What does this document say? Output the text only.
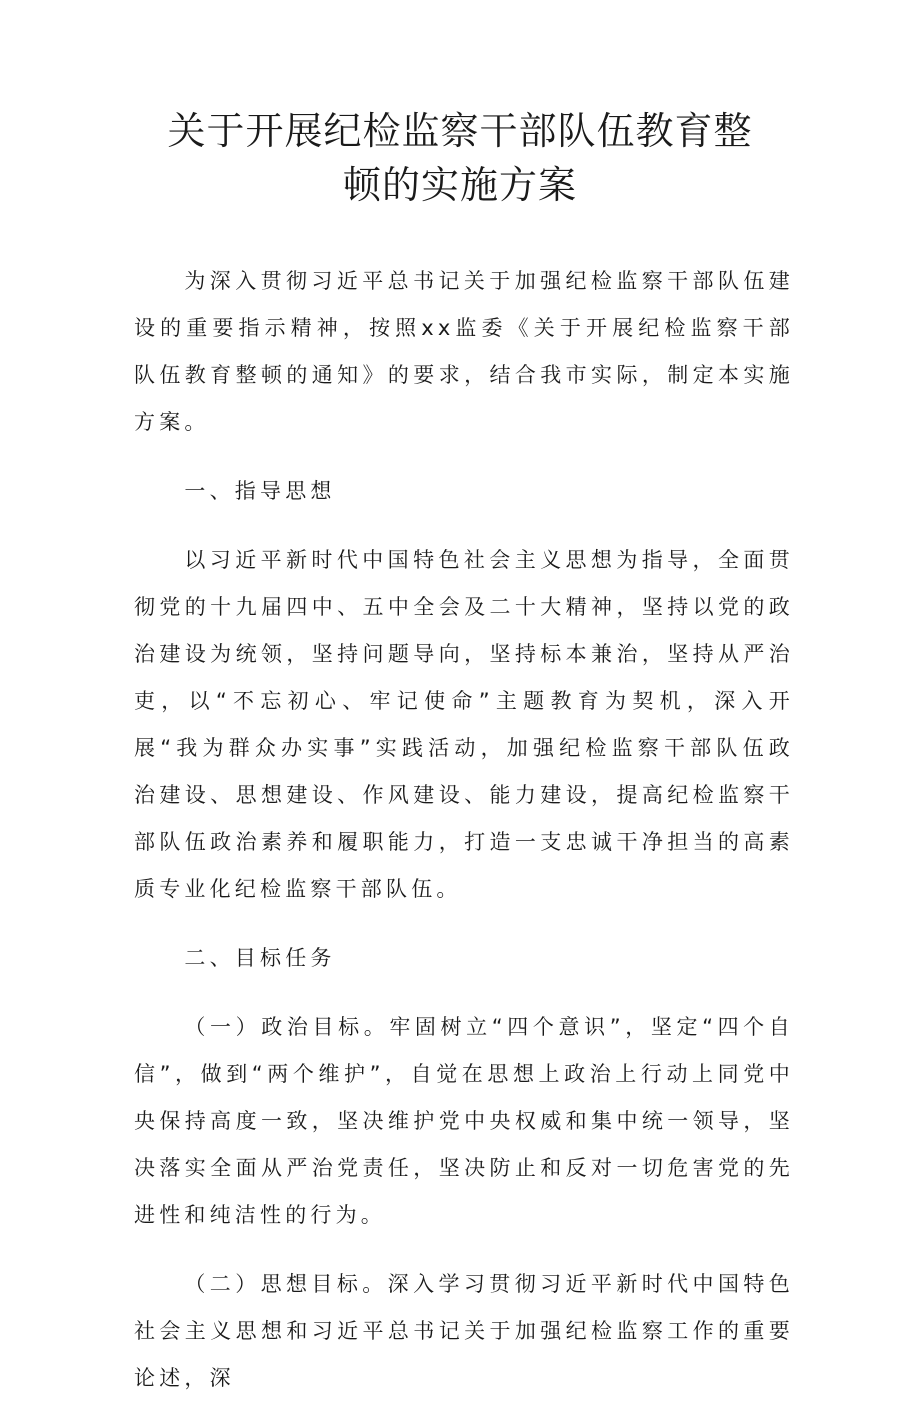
关于开展纪检监察干部队伍教育整
顿的实施方案

为深入贯彻习近平总书记关于加强纪检监察干部队伍建设的重要指示精神，按照xx监委《关于开展纪检监察干部队伍教育整顿的通知》的要求，结合我市实际，制定本实施方案。

一、指导思想

以习近平新时代中国特色社会主义思想为指导，全面贯彻党的十九届四中、五中全会及二十大精神，坚持以党的政治建设为统领，坚持问题导向，坚持标本兼治，坚持从严治吏，以“不忘初心、牢记使命”主题教育为契机，深入开展“我为群众办实事”实践活动，加强纪检监察干部队伍政治建设、思想建设、作风建设、能力建设，提高纪检监察干部队伍政治素养和履职能力，打造一支忠诚干净担当的高素质专业化纪检监察干部队伍。

二、目标任务

（一）政治目标。牢固树立“四个意识”，坚定“四个自信”，做到“两个维护”，自觉在思想上政治上行动上同党中央保持高度一致，坚决维护党中央权威和集中统一领导，坚决落实全面从严治党责任，坚决防止和反对一切危害党的先进性和纯洁性的行为。

（二）思想目标。深入学习贯彻习近平新时代中国特色社会主义思想和习近平总书记关于加强纪检监察工作的重要论述，深
